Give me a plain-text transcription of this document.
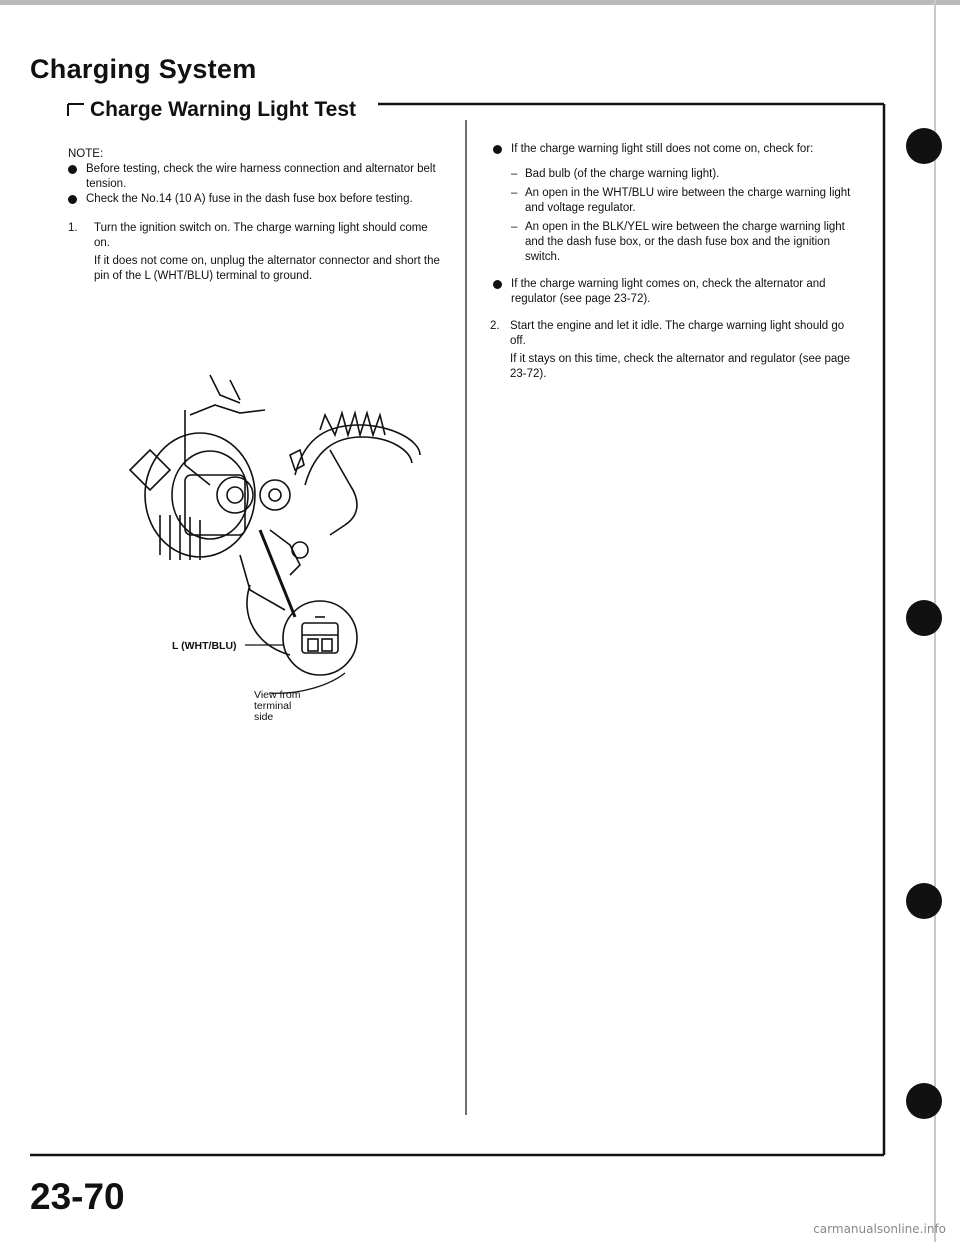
Charging System
Charge Warning Light Test
NOTE:
Before testing, check the wire harness connection and alternator belt tension.
Check the No.14 (10 A) fuse in the dash fuse box before testing.
1.	Turn the ignition switch on. The charge warning light should come on.
If it does not come on, unplug the alternator connector and short the pin of the L (WHT/BLU) terminal to ground.
L (WHT/BLU)
View from
terminal
side
If the charge warning light still does not come on, check for:
– Bad bulb (of the charge warning light).
– An open in the WHT/BLU wire between the charge warning light and voltage regulator.
– An open in the BLK/YEL wire between the charge warning light and the dash fuse box, or the dash fuse box and the ignition switch.
If the charge warning light comes on, check the alternator and regulator (see page 23-72).
2. Start the engine and let it idle. The charge warning light should go off.
If it stays on this time, check the alternator and regulator (see page 23-72).
23-70
carmanualsonline.info
